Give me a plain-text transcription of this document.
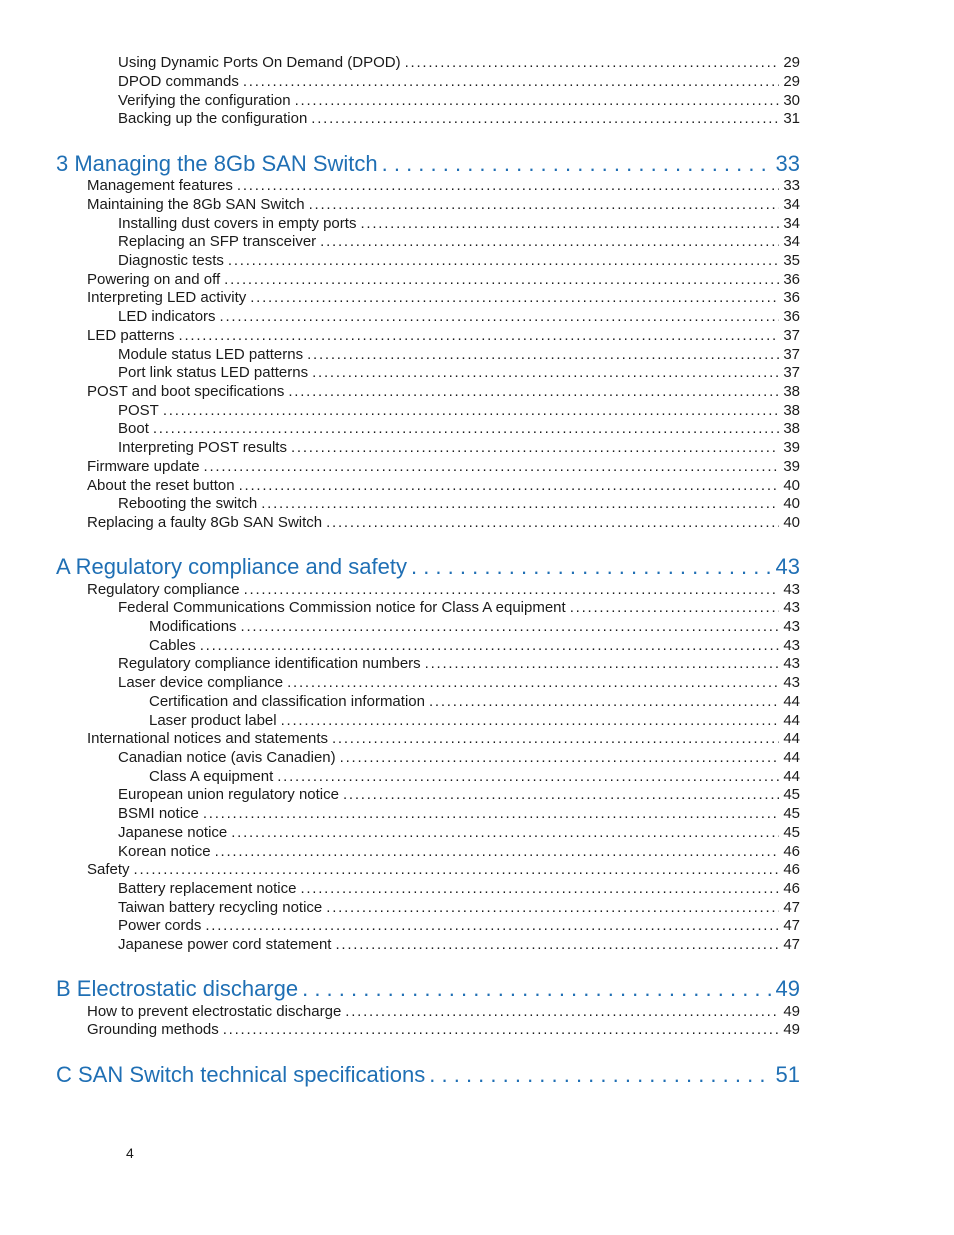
Using Dynamic Ports On Demand (DPOD) . . .	29
DPOD commands . . .	29
Verifying the configuration . . .	30
Backing up the configuration . . .	31
3 Managing the 8Gb SAN Switch . . .	33
Management features . . .	33
Maintaining the 8Gb SAN Switch . . .	34
Installing dust covers in empty ports . . .	34
Replacing an SFP transceiver . . .	34
Diagnostic tests . . .	35
Powering on and off . . .	36
Interpreting LED activity . . .	36
LED indicators . . .	36
LED patterns . . .	37
Module status LED patterns . . .	37
Port link status LED patterns . . .	37
POST and boot specifications . . .	38
POST . . .	38
Boot . . .	38
Interpreting POST results . . .	39
Firmware update . . .	39
About the reset button . . .	40
Rebooting the switch . . .	40
Replacing a faulty 8Gb SAN Switch . . .	40
A Regulatory compliance and safety . . .	43
Regulatory compliance . . .	43
Federal Communications Commission notice for Class A equipment . . .	43
Modifications . . .	43
Cables . . .	43
Regulatory compliance identification numbers . . .	43
Laser device compliance . . .	43
Certification and classification information . . .	44
Laser product label . . .	44
International notices and statements . . .	44
Canadian notice (avis Canadien) . . .	44
Class A equipment . . .	44
European union regulatory notice . . .	45
BSMI notice . . .	45
Japanese notice . . .	45
Korean notice . . .	46
Safety . . .	46
Battery replacement notice . . .	46
Taiwan battery recycling notice . . .	47
Power cords . . .	47
Japanese power cord statement . . .	47
B Electrostatic discharge . . .	49
How to prevent electrostatic discharge . . .	49
Grounding methods . . .	49
C SAN Switch technical specifications . . .	51
4
